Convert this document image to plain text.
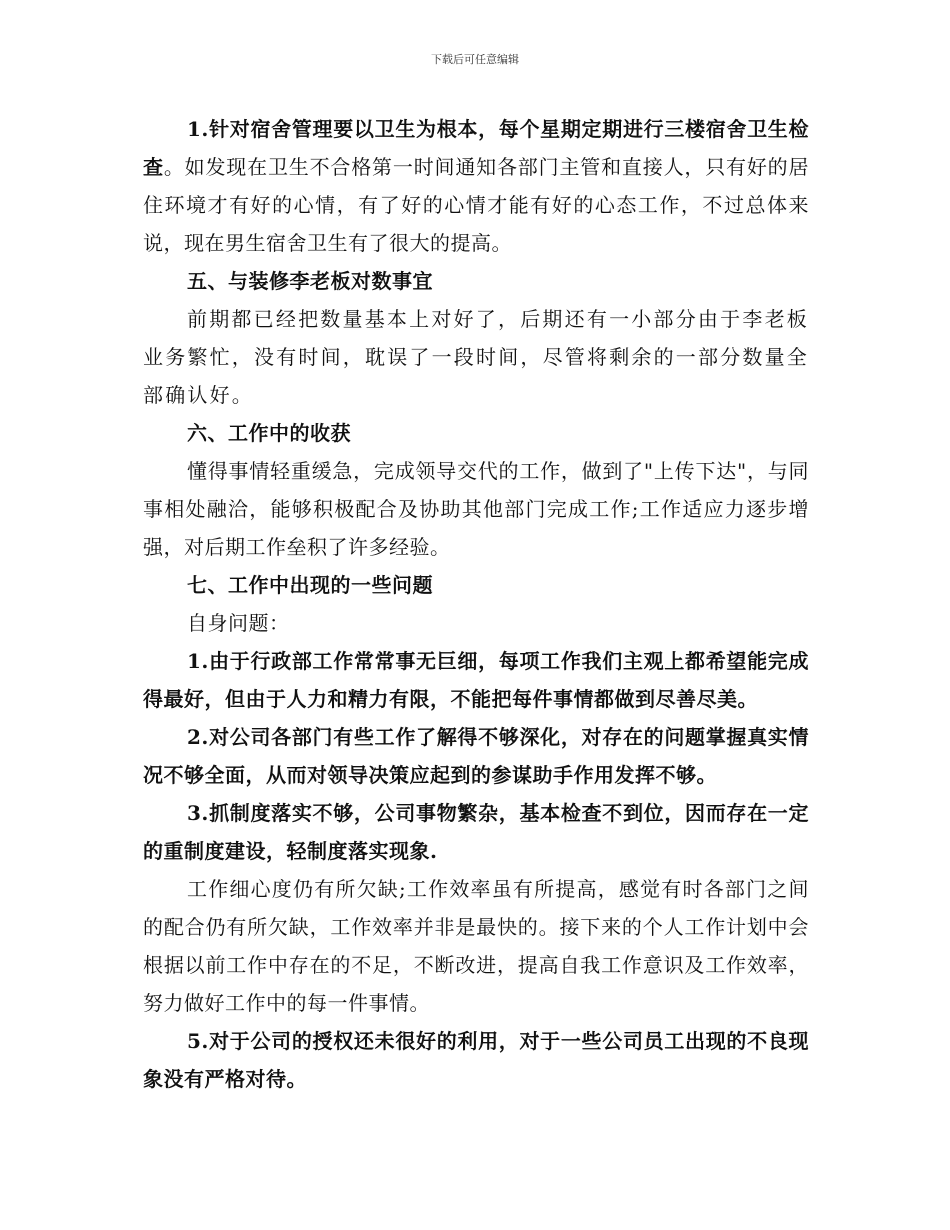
下载后可任意编辑

1.针对宿舍管理要以卫生为根本，每个星期定期进行三楼宿舍卫生检查。如发现在卫生不合格第一时间通知各部门主管和直接人，只有好的居住环境才有好的心情，有了好的心情才能有好的心态工作，不过总体来说，现在男生宿舍卫生有了很大的提高。

五、与装修李老板对数事宜

前期都已经把数量基本上对好了，后期还有一小部分由于李老板业务繁忙，没有时间，耽误了一段时间，尽管将剩余的一部分数量全部确认好。

六、工作中的收获

懂得事情轻重缓急，完成领导交代的工作，做到了"上传下达"，与同事相处融洽，能够积极配合及协助其他部门完成工作;工作适应力逐步增强，对后期工作垒积了许多经验。

七、工作中出现的一些问题

自身问题：

1.由于行政部工作常常事无巨细，每项工作我们主观上都希望能完成得最好，但由于人力和精力有限，不能把每件事情都做到尽善尽美。

2.对公司各部门有些工作了解得不够深化，对存在的问题掌握真实情况不够全面，从而对领导决策应起到的参谋助手作用发挥不够。

3.抓制度落实不够，公司事物繁杂，基本检查不到位，因而存在一定的重制度建设，轻制度落实现象.

工作细心度仍有所欠缺;工作效率虽有所提高，感觉有时各部门之间的配合仍有所欠缺，工作效率并非是最快的。接下来的个人工作计划中会根据以前工作中存在的不足，不断改进，提高自我工作意识及工作效率，努力做好工作中的每一件事情。

5.对于公司的授权还未很好的利用，对于一些公司员工出现的不良现象没有严格对待。
